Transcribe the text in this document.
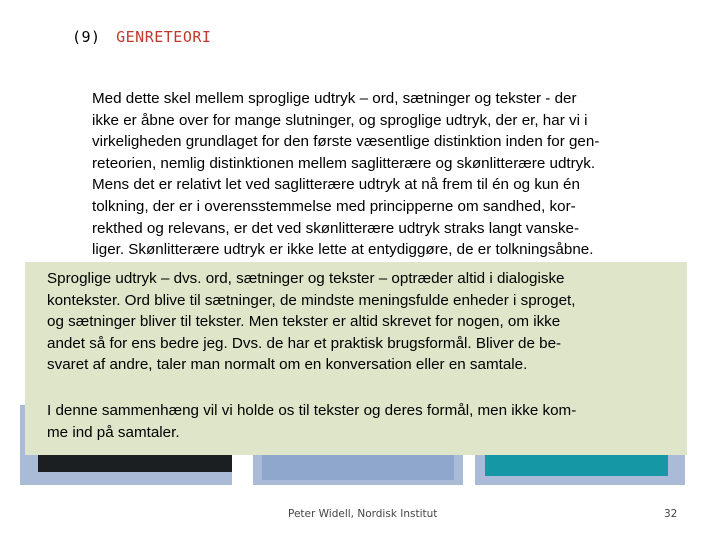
(9) GENRETEORI
Med dette skel mellem sproglige udtryk – ord, sætninger og tekster - der
ikke er åbne over for mange slutninger, og sproglige udtryk, der er, har vi i
virkeligheden grundlaget for den første væsentlige distinktion inden for gen-
reteorien, nemlig distinktionen mellem saglitterære og skønlitterære udtryk.
Mens det er relativt let ved saglitterære udtryk at nå frem til én og kun én
tolkning, der er i overensstemmelse med principperne om sandhed, kor-
rekthed og relevans, er det ved skønlitterære udtryk straks langt vanske-
liger. Skønlitterære udtryk er ikke lette at entydiggøre, de er tolkningsåbne.
Sproglige udtryk – dvs. ord, sætninger og tekster – optræder altid i dialogiske
kontekster. Ord blive til sætninger, de mindste meningsfulde enheder i sproget,
og sætninger bliver til tekster. Men tekster er altid skrevet for nogen, om ikke
andet så for ens bedre jeg. Dvs. de har et praktisk brugsformål. Bliver de be-
svaret af andre, taler man normalt om en konversation eller en samtale.
I denne sammenhæng vil vi holde os til tekster og deres formål, men ikke kom-
me ind på samtaler.
Peter Widell, Nordisk Institut	32
